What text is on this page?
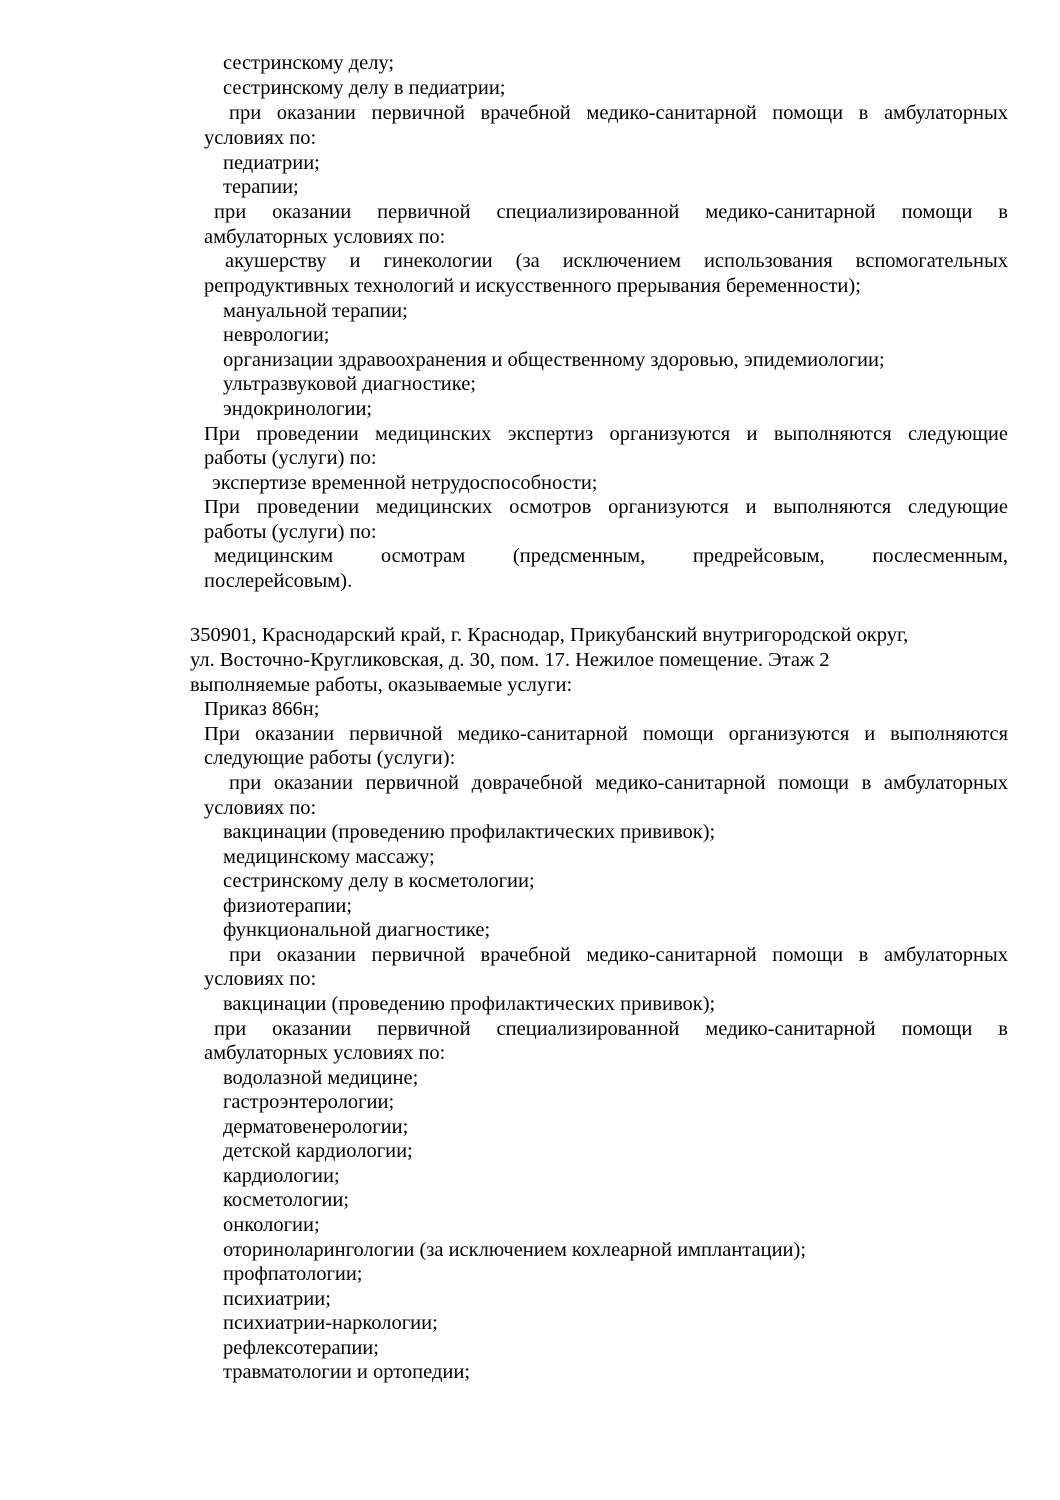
сестринскому делу;
сестринскому делу в педиатрии;
при оказании первичной врачебной медико-санитарной помощи в амбулаторных
условиях по:
педиатрии;
терапии;
при оказании первичной специализированной медико-санитарной помощи в
амбулаторных условиях по:
акушерству и гинекологии (за исключением использования вспомогательных
репродуктивных технологий и искусственного прерывания беременности);
мануальной терапии;
неврологии;
организации здравоохранения и общественному здоровью, эпидемиологии;
ультразвуковой диагностике;
эндокринологии;
При проведении медицинских экспертиз организуются и выполняются следующие
работы (услуги) по:
экспертизе временной нетрудоспособности;
При проведении медицинских осмотров организуются и выполняются следующие
работы (услуги) по:
медицинским осмотрам (предсменным, предрейсовым, послесменным,
послерейсовым).
350901, Краснодарский край, г. Краснодар, Прикубанский внутригородской округ,
ул. Восточно-Кругликовская, д. 30, пом. 17. Нежилое помещение. Этаж 2
выполняемые работы, оказываемые услуги:
Приказ 866н;
При оказании первичной медико-санитарной помощи организуются и выполняются
следующие работы (услуги):
при оказании первичной доврачебной медико-санитарной помощи в амбулаторных
условиях по:
вакцинации (проведению профилактических прививок);
медицинскому массажу;
сестринскому делу в косметологии;
физиотерапии;
функциональной диагностике;
при оказании первичной врачебной медико-санитарной помощи в амбулаторных
условиях по:
вакцинации (проведению профилактических прививок);
при оказании первичной специализированной медико-санитарной помощи в
амбулаторных условиях по:
водолазной медицине;
гастроэнтерологии;
дерматовенерологии;
детской кардиологии;
кардиологии;
косметологии;
онкологии;
оториноларингологии (за исключением кохлеарной имплантации);
профпатологии;
психиатрии;
психиатрии-наркологии;
рефлексотерапии;
травматологии и ортопедии;
